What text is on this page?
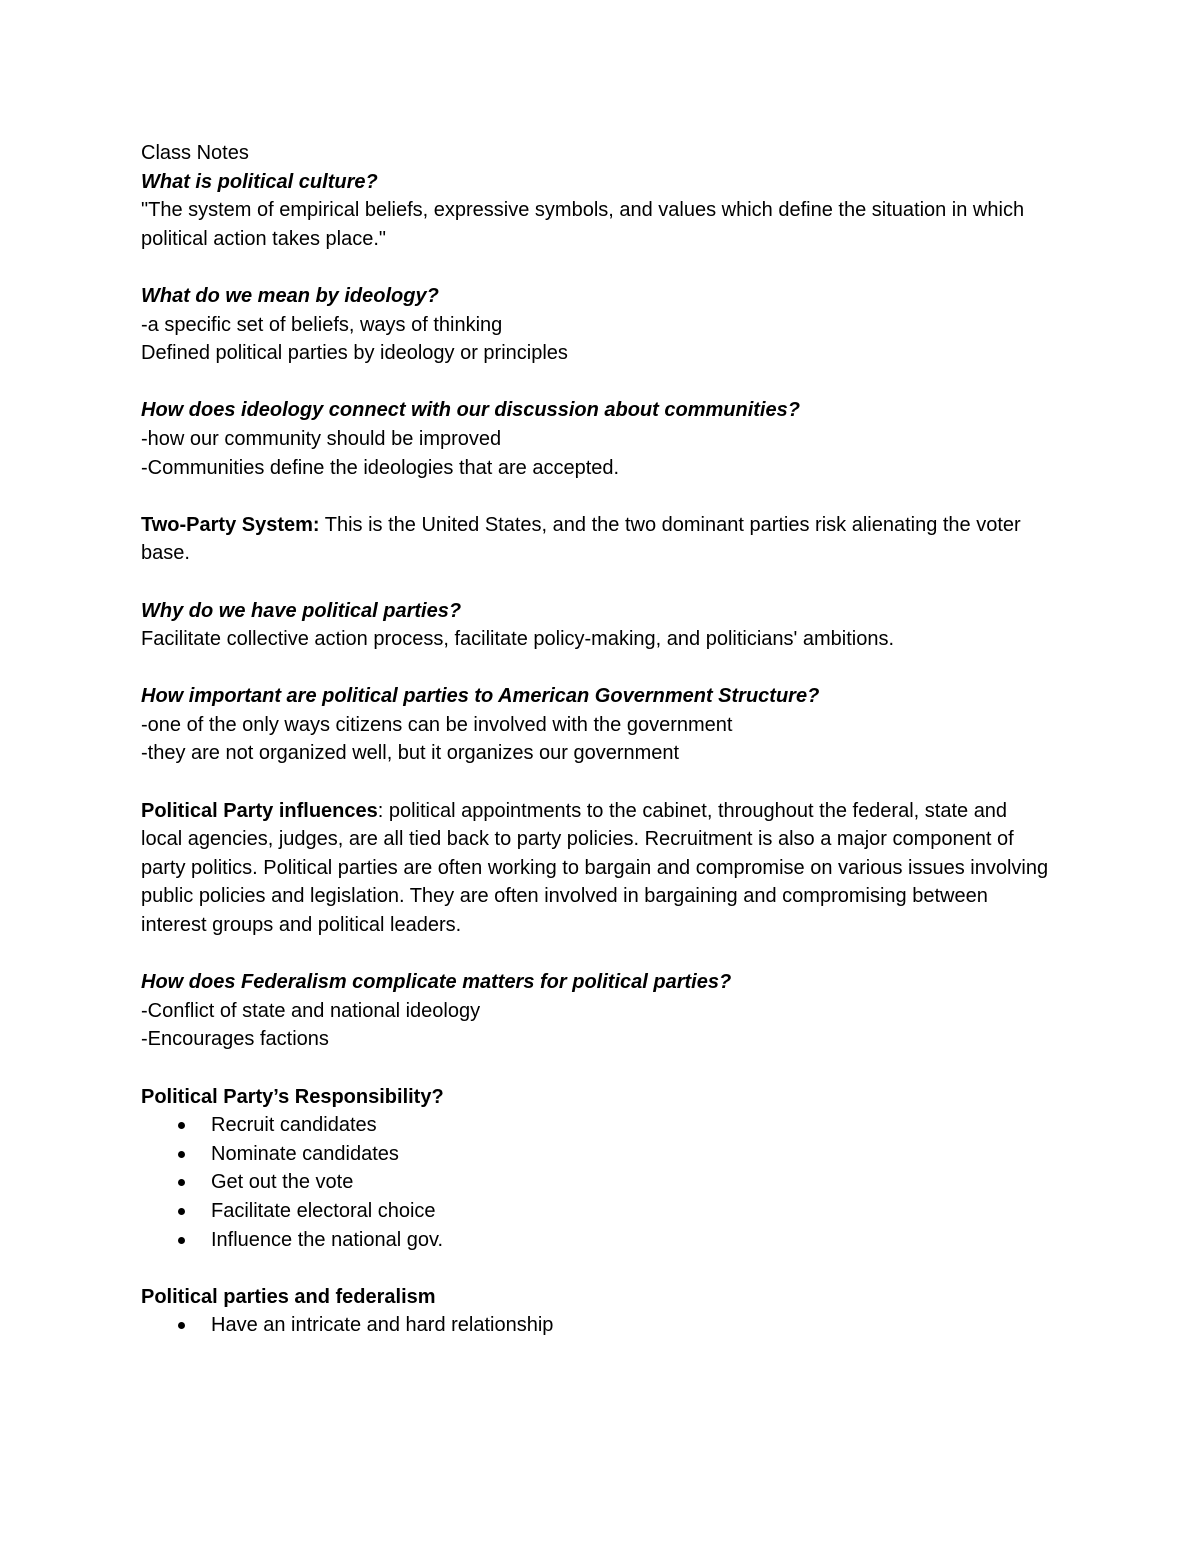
Class Notes

What is political culture?

"The system of empirical beliefs, expressive symbols, and values which define the situation in which political action takes place."

What do we mean by ideology?

-a specific set of beliefs, ways of thinking

Defined political parties by ideology or principles

How does ideology connect with our discussion about communities?

-how our community should be improved

-Communities define the ideologies that are accepted.

Two-Party System: This is the United States, and the two dominant parties risk alienating the voter base.

Why do we have political parties?

Facilitate collective action process, facilitate policy-making, and politicians' ambitions.

How important are political parties to American Government Structure?

-one of the only ways citizens can be involved with the government

-they are not organized well, but it organizes our government

Political Party influences: political appointments to the cabinet, throughout the federal, state and local agencies, judges, are all tied back to party policies. Recruitment is also a major component of party politics. Political parties are often working to bargain and compromise on various issues involving public policies and legislation. They are often involved in bargaining and compromising between interest groups and political leaders.

How does Federalism complicate matters for political parties?

-Conflict of state and national ideology

-Encourages factions

Political Party’s Responsibility?

Recruit candidates
Nominate candidates
Get out the vote
Facilitate electoral choice
Influence the national gov.

Political parties and federalism

Have an intricate and hard relationship
